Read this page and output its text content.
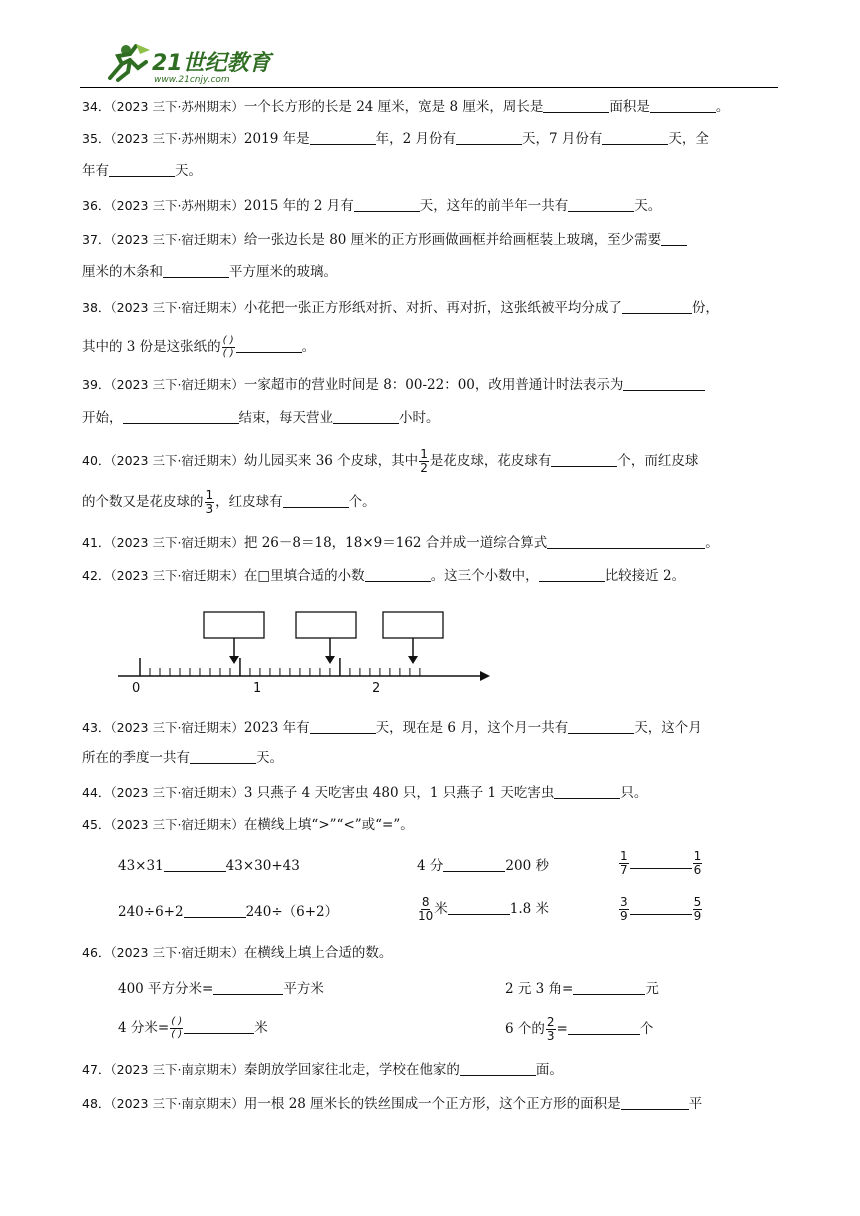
21世纪教育
www.21cnjy.com
34．（2023 三下·苏州期末）一个长方形的长是 24 厘米，宽是 8 厘米，周长是	面积是	。
35．（2023 三下·苏州期末）2019 年是	年，2 月份有	天，7 月份有	天，全
年有	天。
36．（2023 三下·苏州期末）2015 年的 2 月有	天，这年的前半年一共有	天。
37．（2023 三下·宿迁期末）给一张边长是 80 厘米的正方形画做画框并给画框装上玻璃，至少需要
厘米的木条和	平方厘米的玻璃。
38．（2023 三下·宿迁期末）小花把一张正方形纸对折、对折、再对折，这张纸被平均分成了	份，
其中的 3 份是这张纸的 $\frac{( )}{( )}$	。
39．（2023 三下·宿迁期末）一家超市的营业时间是 8：00-22：00，改用普通计时法表示为
开始，	结束，每天营业	小时。
40．（2023 三下·宿迁期末）幼儿园买来 36 个皮球，其中 $\frac{1}{2}$ 是花皮球，花皮球有	个，而红皮球
的个数又是花皮球的 $\frac{1}{3}$ ，红皮球有	个。
41．（2023 三下·宿迁期末）把 26－8＝18，18×9＝162 合并成一道综合算式	。
42．（2023 三下·宿迁期末）在□里填合适的小数	。这三个小数中，	比较接近 2。
0	1	2
43．（2023 三下·宿迁期末）2023 年有	天，现在是 6 月，这个月一共有	天，这个月
所在的季度一共有	天。
44．（2023 三下·宿迁期末）3 只燕子 4 天吃害虫 480 只，1 只燕子 1 天吃害虫	只。
45．（2023 三下·宿迁期末）在横线上填“>”“<”或“=”。
43×31	43×30+43	4 分	200 秒	$\frac{1}{7}$	$\frac{1}{6}$
240÷6+2	240÷（6+2）	$\frac{8}{10}$ 米	1.8 米	$\frac{3}{9}$	$\frac{5}{9}$
46．（2023 三下·宿迁期末）在横线上填上合适的数。
400 平方分米=	平方米	2 元 3 角=	元
4 分米= $\frac{( )}{( )}$	米	6 个的 $\frac{2}{3}$ =	个
47．（2023 三下·南京期末）秦朗放学回家往北走，学校在他家的	面。
48．（2023 三下·南京期末）用一根 28 厘米长的铁丝围成一个正方形，这个正方形的面积是	平
